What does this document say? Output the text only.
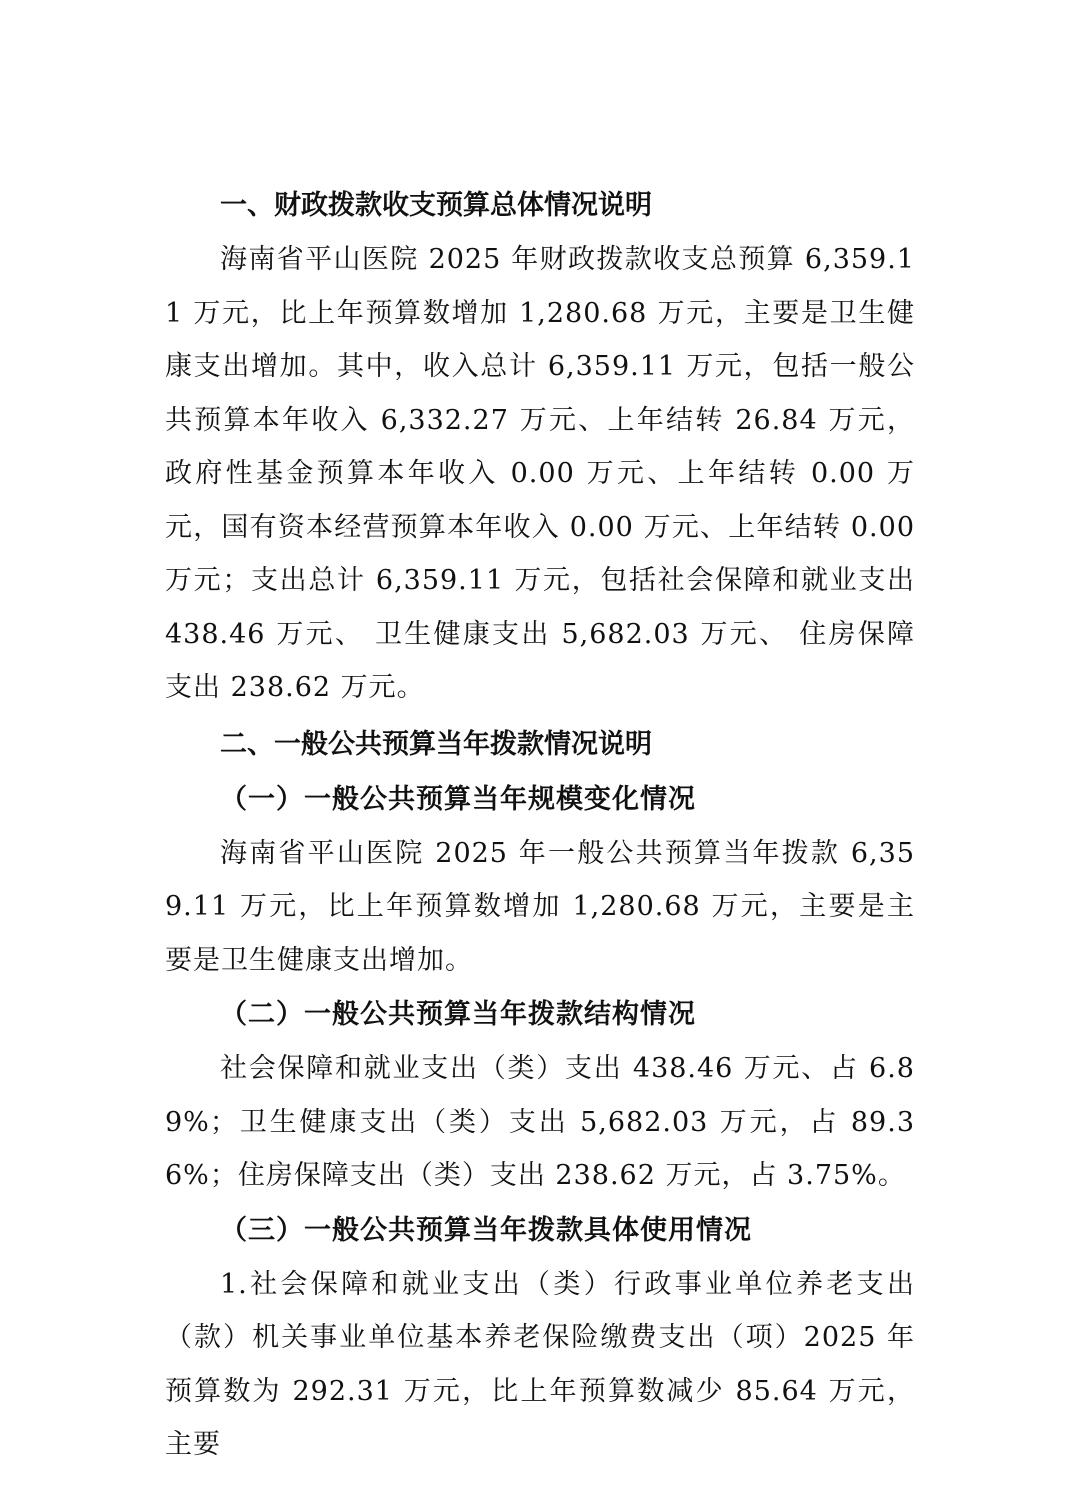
一、财政拨款收支预算总体情况说明

海南省平山医院 2025 年财政拨款收支总预算 6,359.11 万元，比上年预算数增加 1,280.68 万元，主要是卫生健康支出增加。其中，收入总计 6,359.11 万元，包括一般公共预算本年收入 6,332.27 万元、上年结转 26.84 万元，政府性基金预算本年收入 0.00 万元、上年结转 0.00 万元，国有资本经营预算本年收入 0.00 万元、上年结转 0.00 万元；支出总计 6,359.11 万元，包括社会保障和就业支出 438.46 万元、 卫生健康支出 5,682.03 万元、 住房保障支出 238.62 万元。

二、一般公共预算当年拨款情况说明
（一）一般公共预算当年规模变化情况

海南省平山医院 2025 年一般公共预算当年拨款 6,359.11 万元，比上年预算数增加 1,280.68 万元，主要是主要是卫生健康支出增加。

（二）一般公共预算当年拨款结构情况

社会保障和就业支出（类）支出 438.46 万元、占 6.89%；卫生健康支出（类）支出 5,682.03 万元，占 89.36%；住房保障支出（类）支出 238.62 万元，占 3.75%。

（三）一般公共预算当年拨款具体使用情况

1.社会保障和就业支出（类）行政事业单位养老支出（款）机关事业单位基本养老保险缴费支出（项）2025 年预算数为 292.31 万元，比上年预算数减少 85.64 万元，主要
